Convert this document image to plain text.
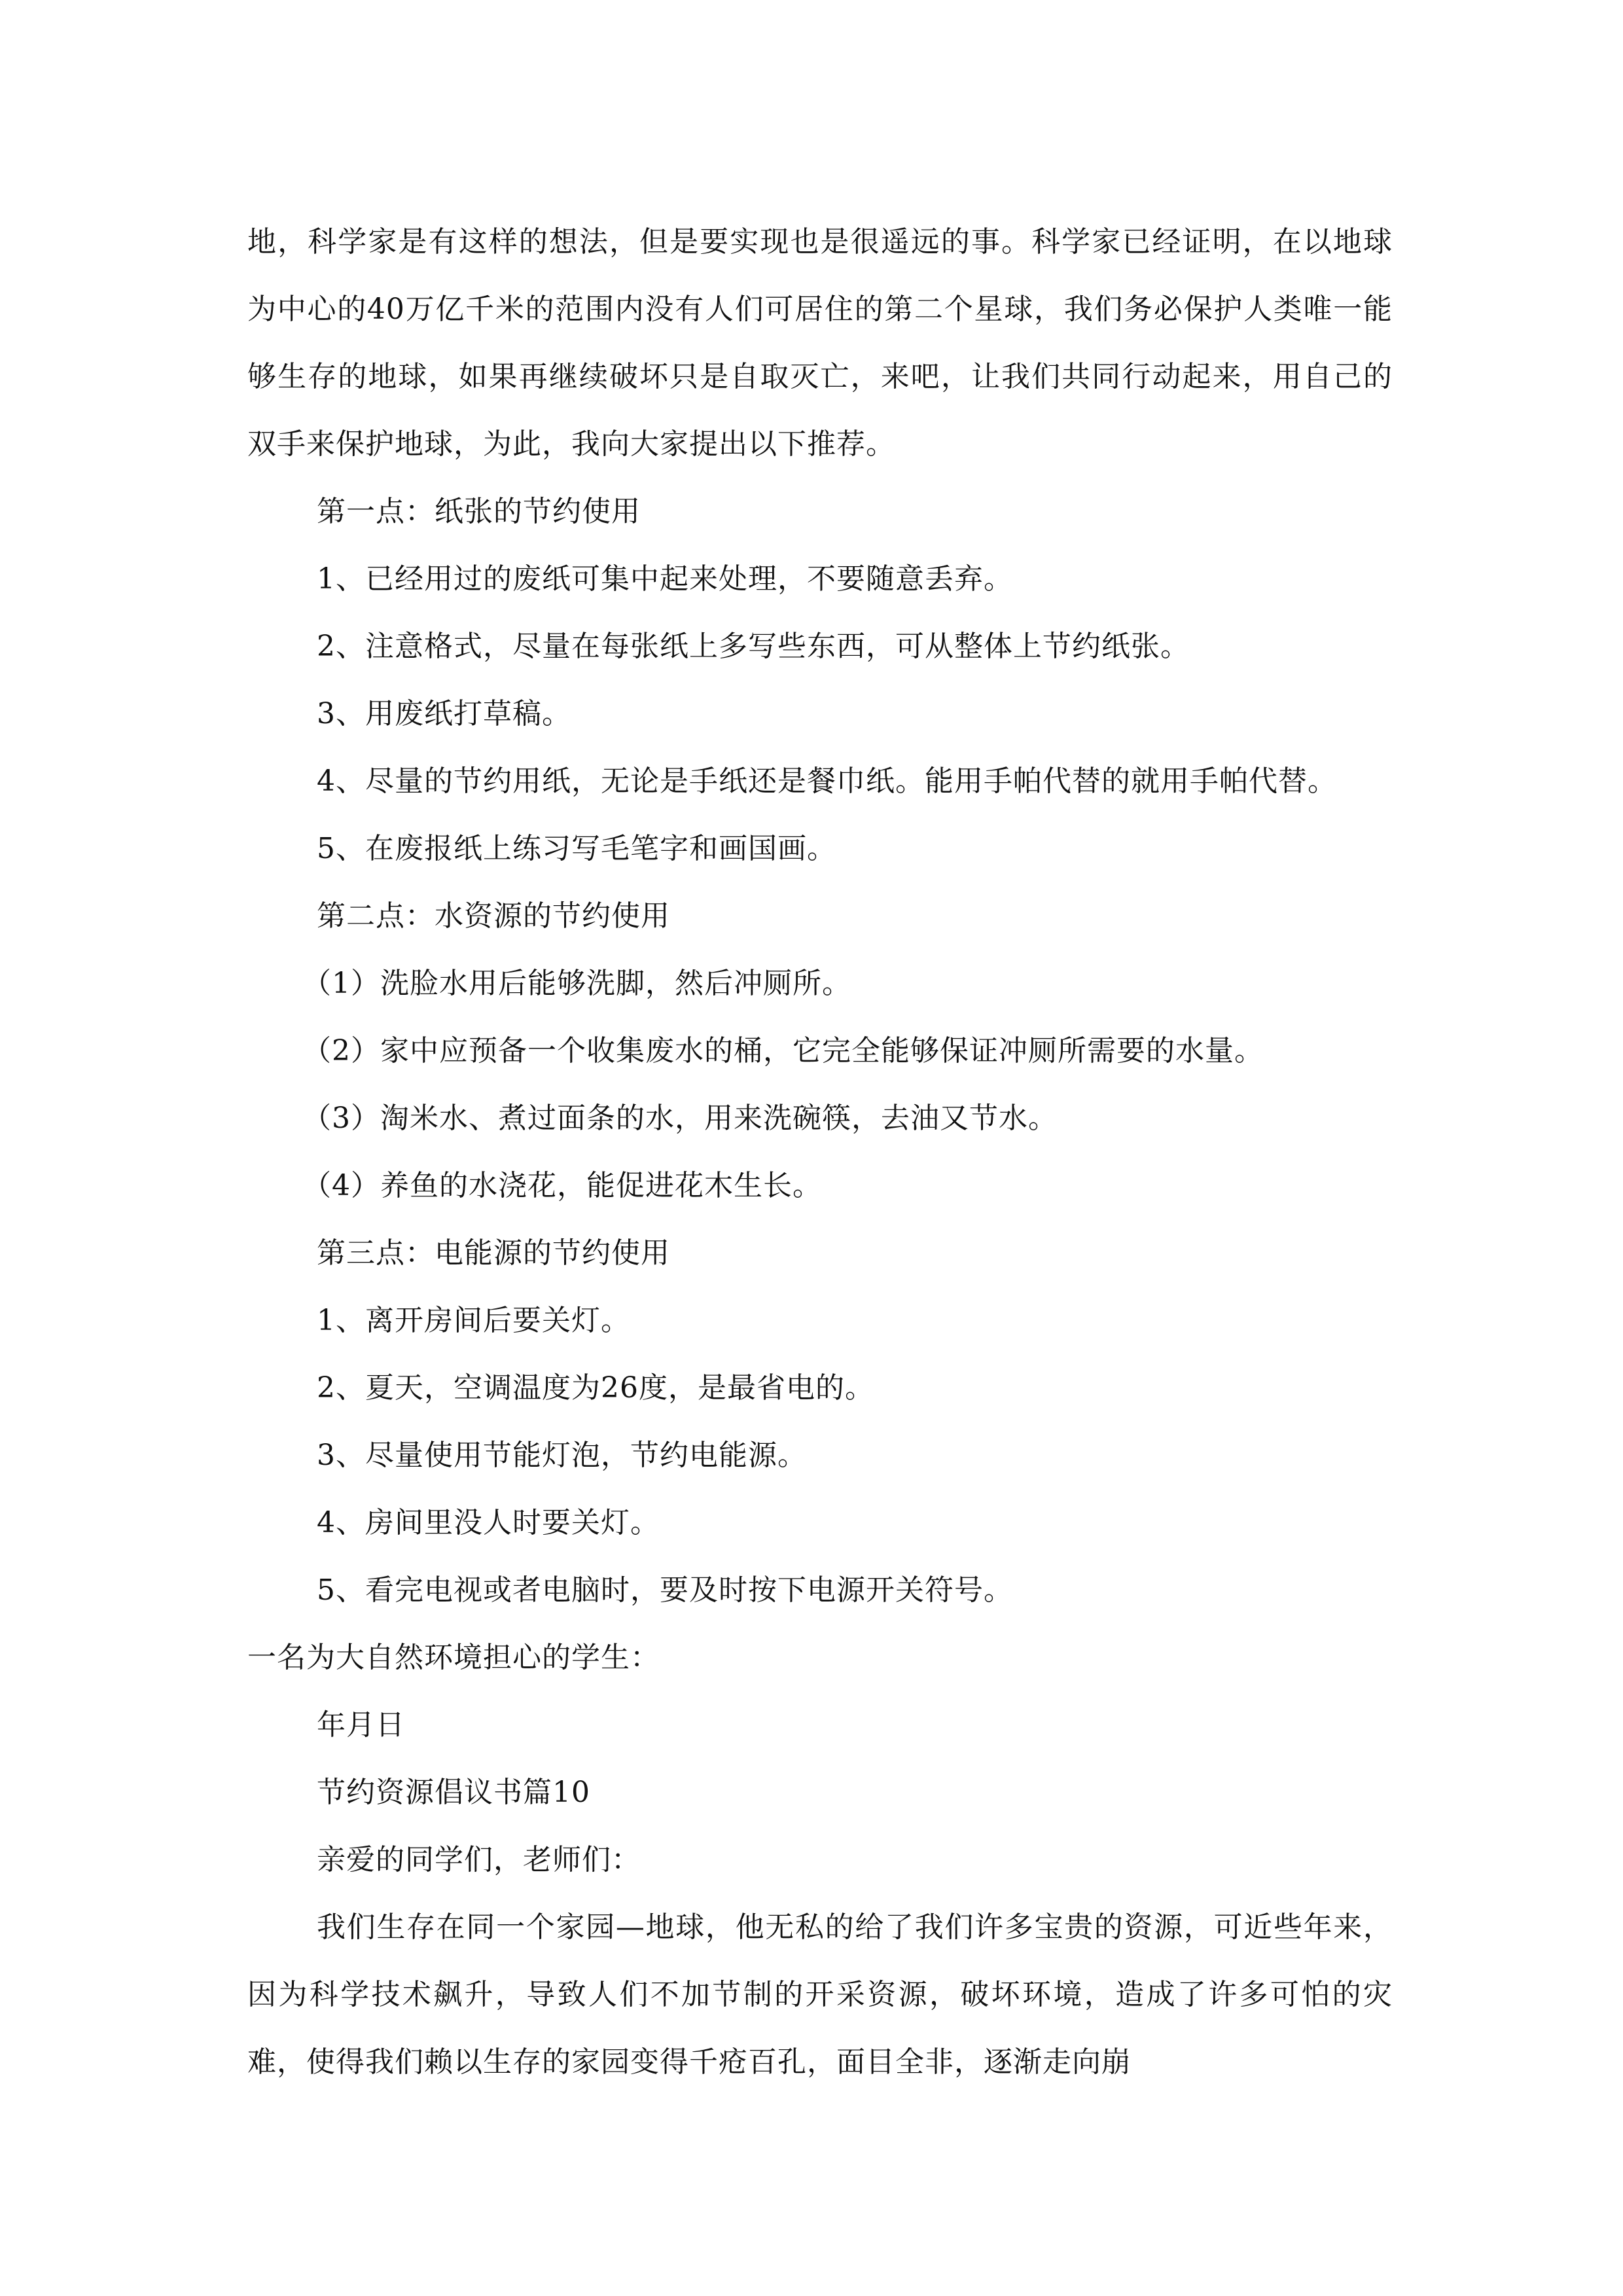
地，科学家是有这样的想法，但是要实现也是很遥远的事。科学家已经证明，在以地球为中心的40万亿千米的范围内没有人们可居住的第二个星球，我们务必保护人类唯一能够生存的地球，如果再继续破坏只是自取灭亡，来吧，让我们共同行动起来，用自己的双手来保护地球，为此，我向大家提出以下推荐。

第一点：纸张的节约使用

1、已经用过的废纸可集中起来处理，不要随意丢弃。

2、注意格式，尽量在每张纸上多写些东西，可从整体上节约纸张。

3、用废纸打草稿。

4、尽量的节约用纸，无论是手纸还是餐巾纸。能用手帕代替的就用手帕代替。

5、在废报纸上练习写毛笔字和画国画。

第二点：水资源的节约使用

（1）洗脸水用后能够洗脚，然后冲厕所。

（2）家中应预备一个收集废水的桶，它完全能够保证冲厕所需要的水量。

（3）淘米水、煮过面条的水，用来洗碗筷，去油又节水。

（4）养鱼的水浇花，能促进花木生长。

第三点：电能源的节约使用

1、离开房间后要关灯。

2、夏天，空调温度为26度，是最省电的。

3、尽量使用节能灯泡，节约电能源。

4、房间里没人时要关灯。

5、看完电视或者电脑时，要及时按下电源开关符号。

一名为大自然环境担心的学生：

年月日

节约资源倡议书篇10

亲爱的同学们，老师们：

我们生存在同一个家园—地球，他无私的给了我们许多宝贵的资源，可近些年来，因为科学技术飙升，导致人们不加节制的开采资源，破坏环境，造成了许多可怕的灾难，使得我们赖以生存的家园变得千疮百孔，面目全非，逐渐走向崩
